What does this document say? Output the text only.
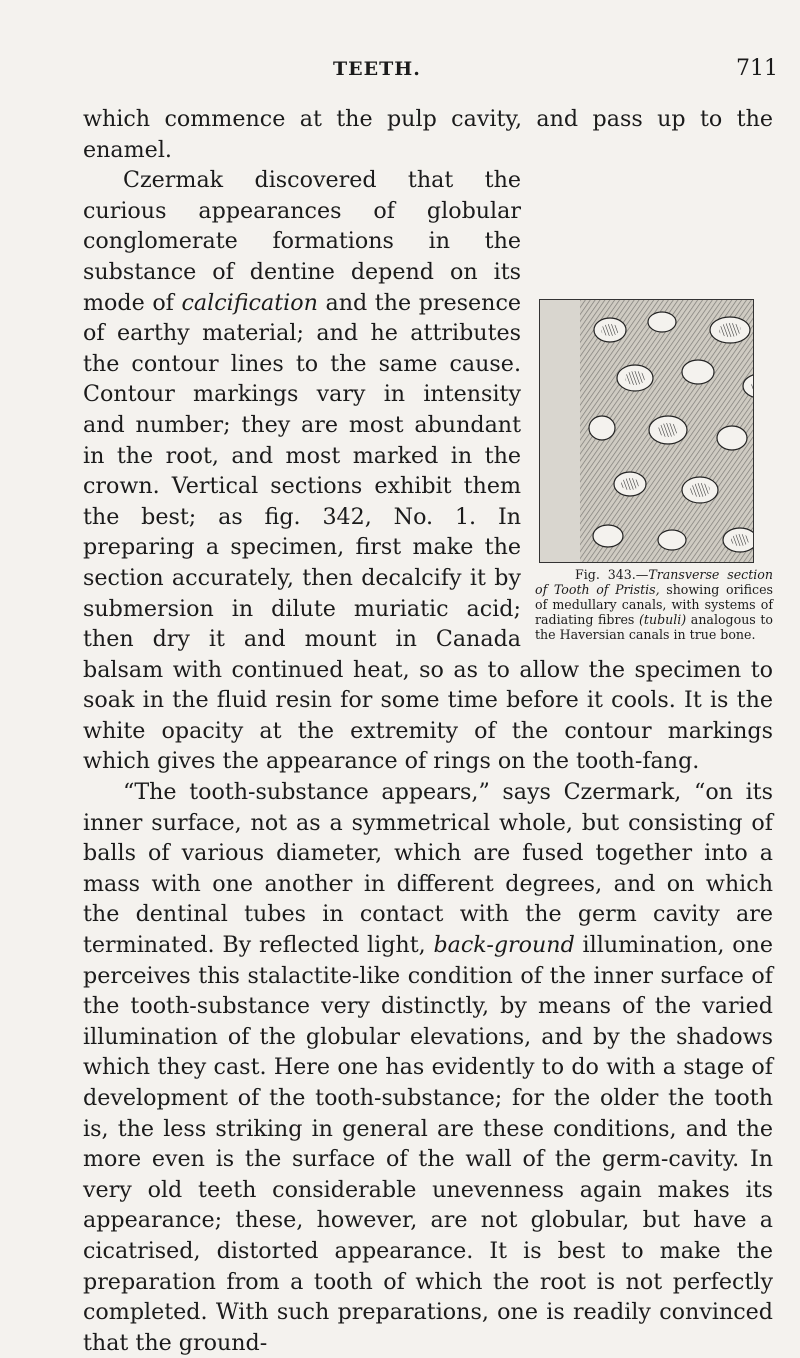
TEETH.	711

which commence at the pulp cavity, and pass up to the enamel.

Fig. 343.—Transverse section of Tooth of Pristis, showing orifices of medullary canals, with systems of radiating fibres (tubuli) analogous to the Haversian canals in true bone.
Czermak discovered that the curious appearances of globular conglomerate formations in the substance of dentine depend on its mode of calcification and the presence of earthy material; and he attributes the contour lines to the same cause. Contour markings vary in intensity and number; they are most abundant in the root, and most marked in the crown. Vertical sections exhibit them the best; as fig. 342, No. 1. In preparing a specimen, first make the section accurately, then decalcify it by submersion in dilute muriatic acid; then dry it and mount in Canada balsam with continued heat, so as to allow the specimen to soak in the fluid resin for some time before it cools. It is the white opacity at the extremity of the contour markings which gives the appearance of rings on the tooth-fang.

“The tooth-substance appears,” says Czermark, “on its inner surface, not as a symmetrical whole, but consisting of balls of various diameter, which are fused together into a mass with one another in different degrees, and on which the dentinal tubes in contact with the germ cavity are terminated. By reflected light, back-ground illumination, one perceives this stalactite-like condition of the inner surface of the tooth-substance very distinctly, by means of the varied illumination of the globular elevations, and by the shadows which they cast. Here one has evidently to do with a stage of development of the tooth-substance; for the older the tooth is, the less striking in general are these conditions, and the more even is the surface of the wall of the germ-cavity. In very old teeth considerable unevenness again makes its appearance; these, however, are not globular, but have a cicatrised, distorted appearance. It is best to make the preparation from a tooth of which the root is not perfectly completed. With such preparations, one is readily convinced that the ground-
